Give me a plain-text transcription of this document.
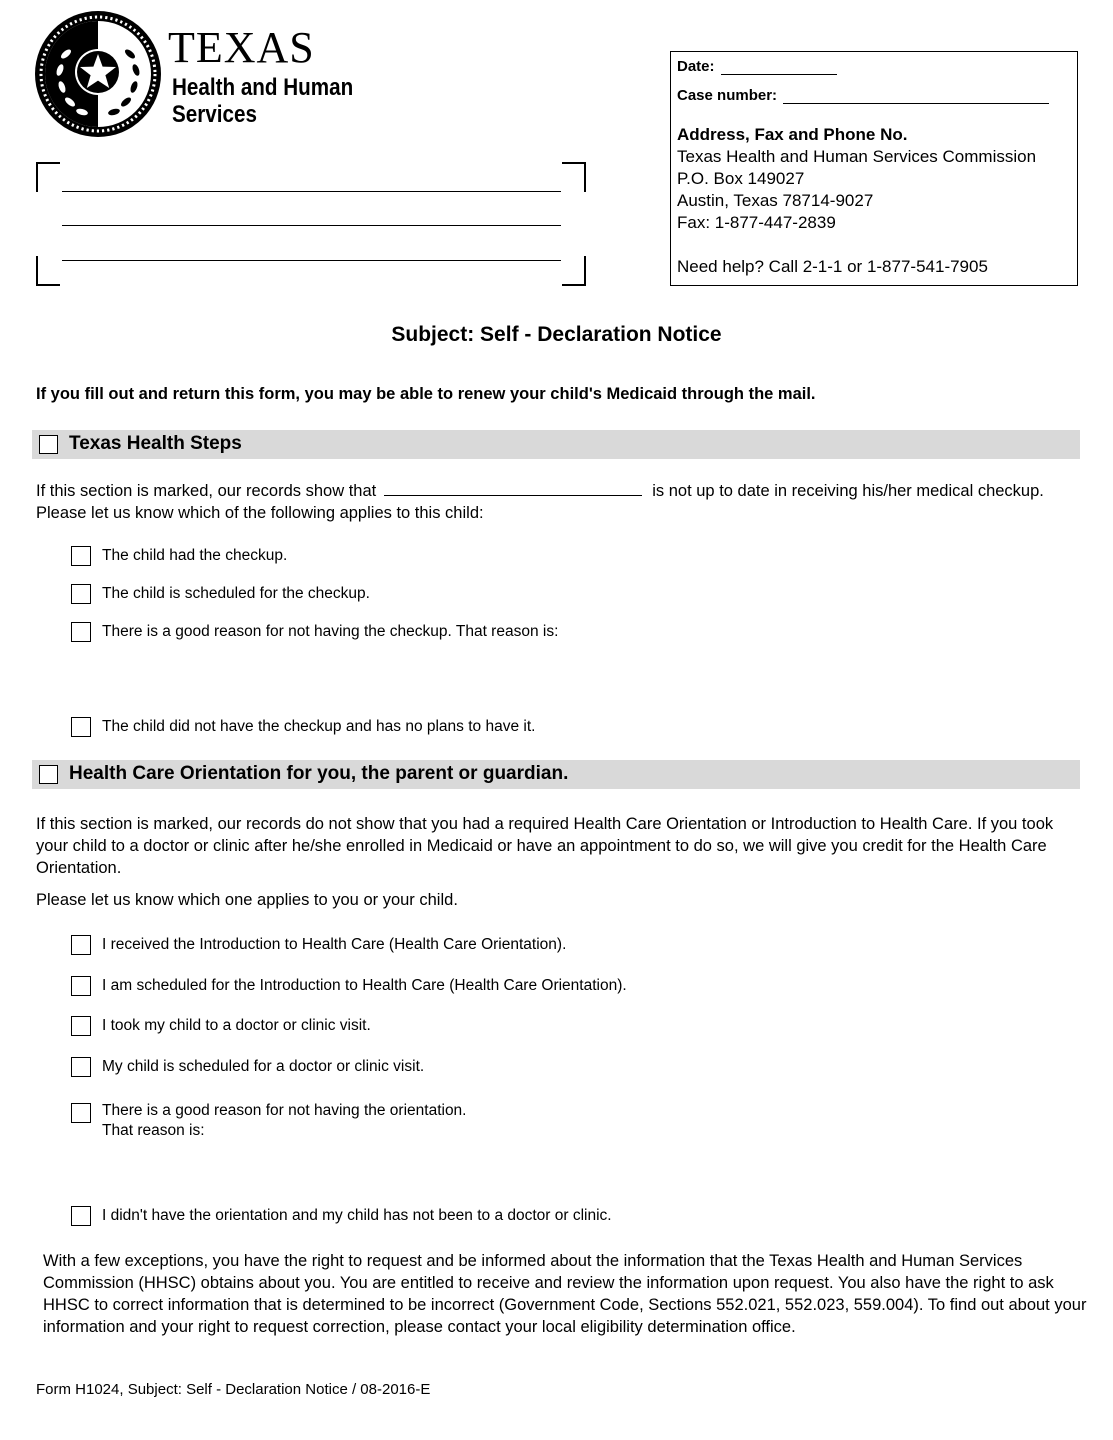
TEXAS
Health and Human
Services
Date:
Case number:
Address, Fax and Phone No.
Texas Health and Human Services Commission
P.O. Box 149027
Austin, Texas 78714-9027
Fax: 1-877-447-2839
Need help? Call 2-1-1 or 1-877-541-7905
Subject: Self - Declaration Notice
If you fill out and return this form, you may be able to renew your child's Medicaid through the mail.
Texas Health Steps
If this section is marked, our records show that	is not up to date in receiving his/her medical checkup. Please let us know which of the following applies to this child:
The child had the checkup.
The child is scheduled for the checkup.
There is a good reason for not having the checkup. That reason is:
The child did not have the checkup and has no plans to have it.
Health Care Orientation for you, the parent or guardian.
If this section is marked, our records do not show that you had a required Health Care Orientation or Introduction to Health Care. If you took your child to a doctor or clinic after he/she enrolled in Medicaid or have an appointment to do so, we will give you credit for the Health Care Orientation.
Please let us know which one applies to you or your child.
I received the Introduction to Health Care (Health Care Orientation).
I am scheduled for the Introduction to Health Care (Health Care Orientation).
I took my child to a doctor or clinic visit.
My child is scheduled for a doctor or clinic visit.
There is a good reason for not having the orientation.
That reason is:
I didn't have the orientation and my child has not been to a doctor or clinic.
With a few exceptions, you have the right to request and be informed about the information that the Texas Health and Human Services Commission (HHSC) obtains about you. You are entitled to receive and review the information upon request. You also have the right to ask HHSC to correct information that is determined to be incorrect (Government Code, Sections 552.021, 552.023, 559.004). To find out about your information and your right to request correction, please contact your local eligibility determination office.
Form H1024, Subject: Self - Declaration Notice / 08-2016-E
